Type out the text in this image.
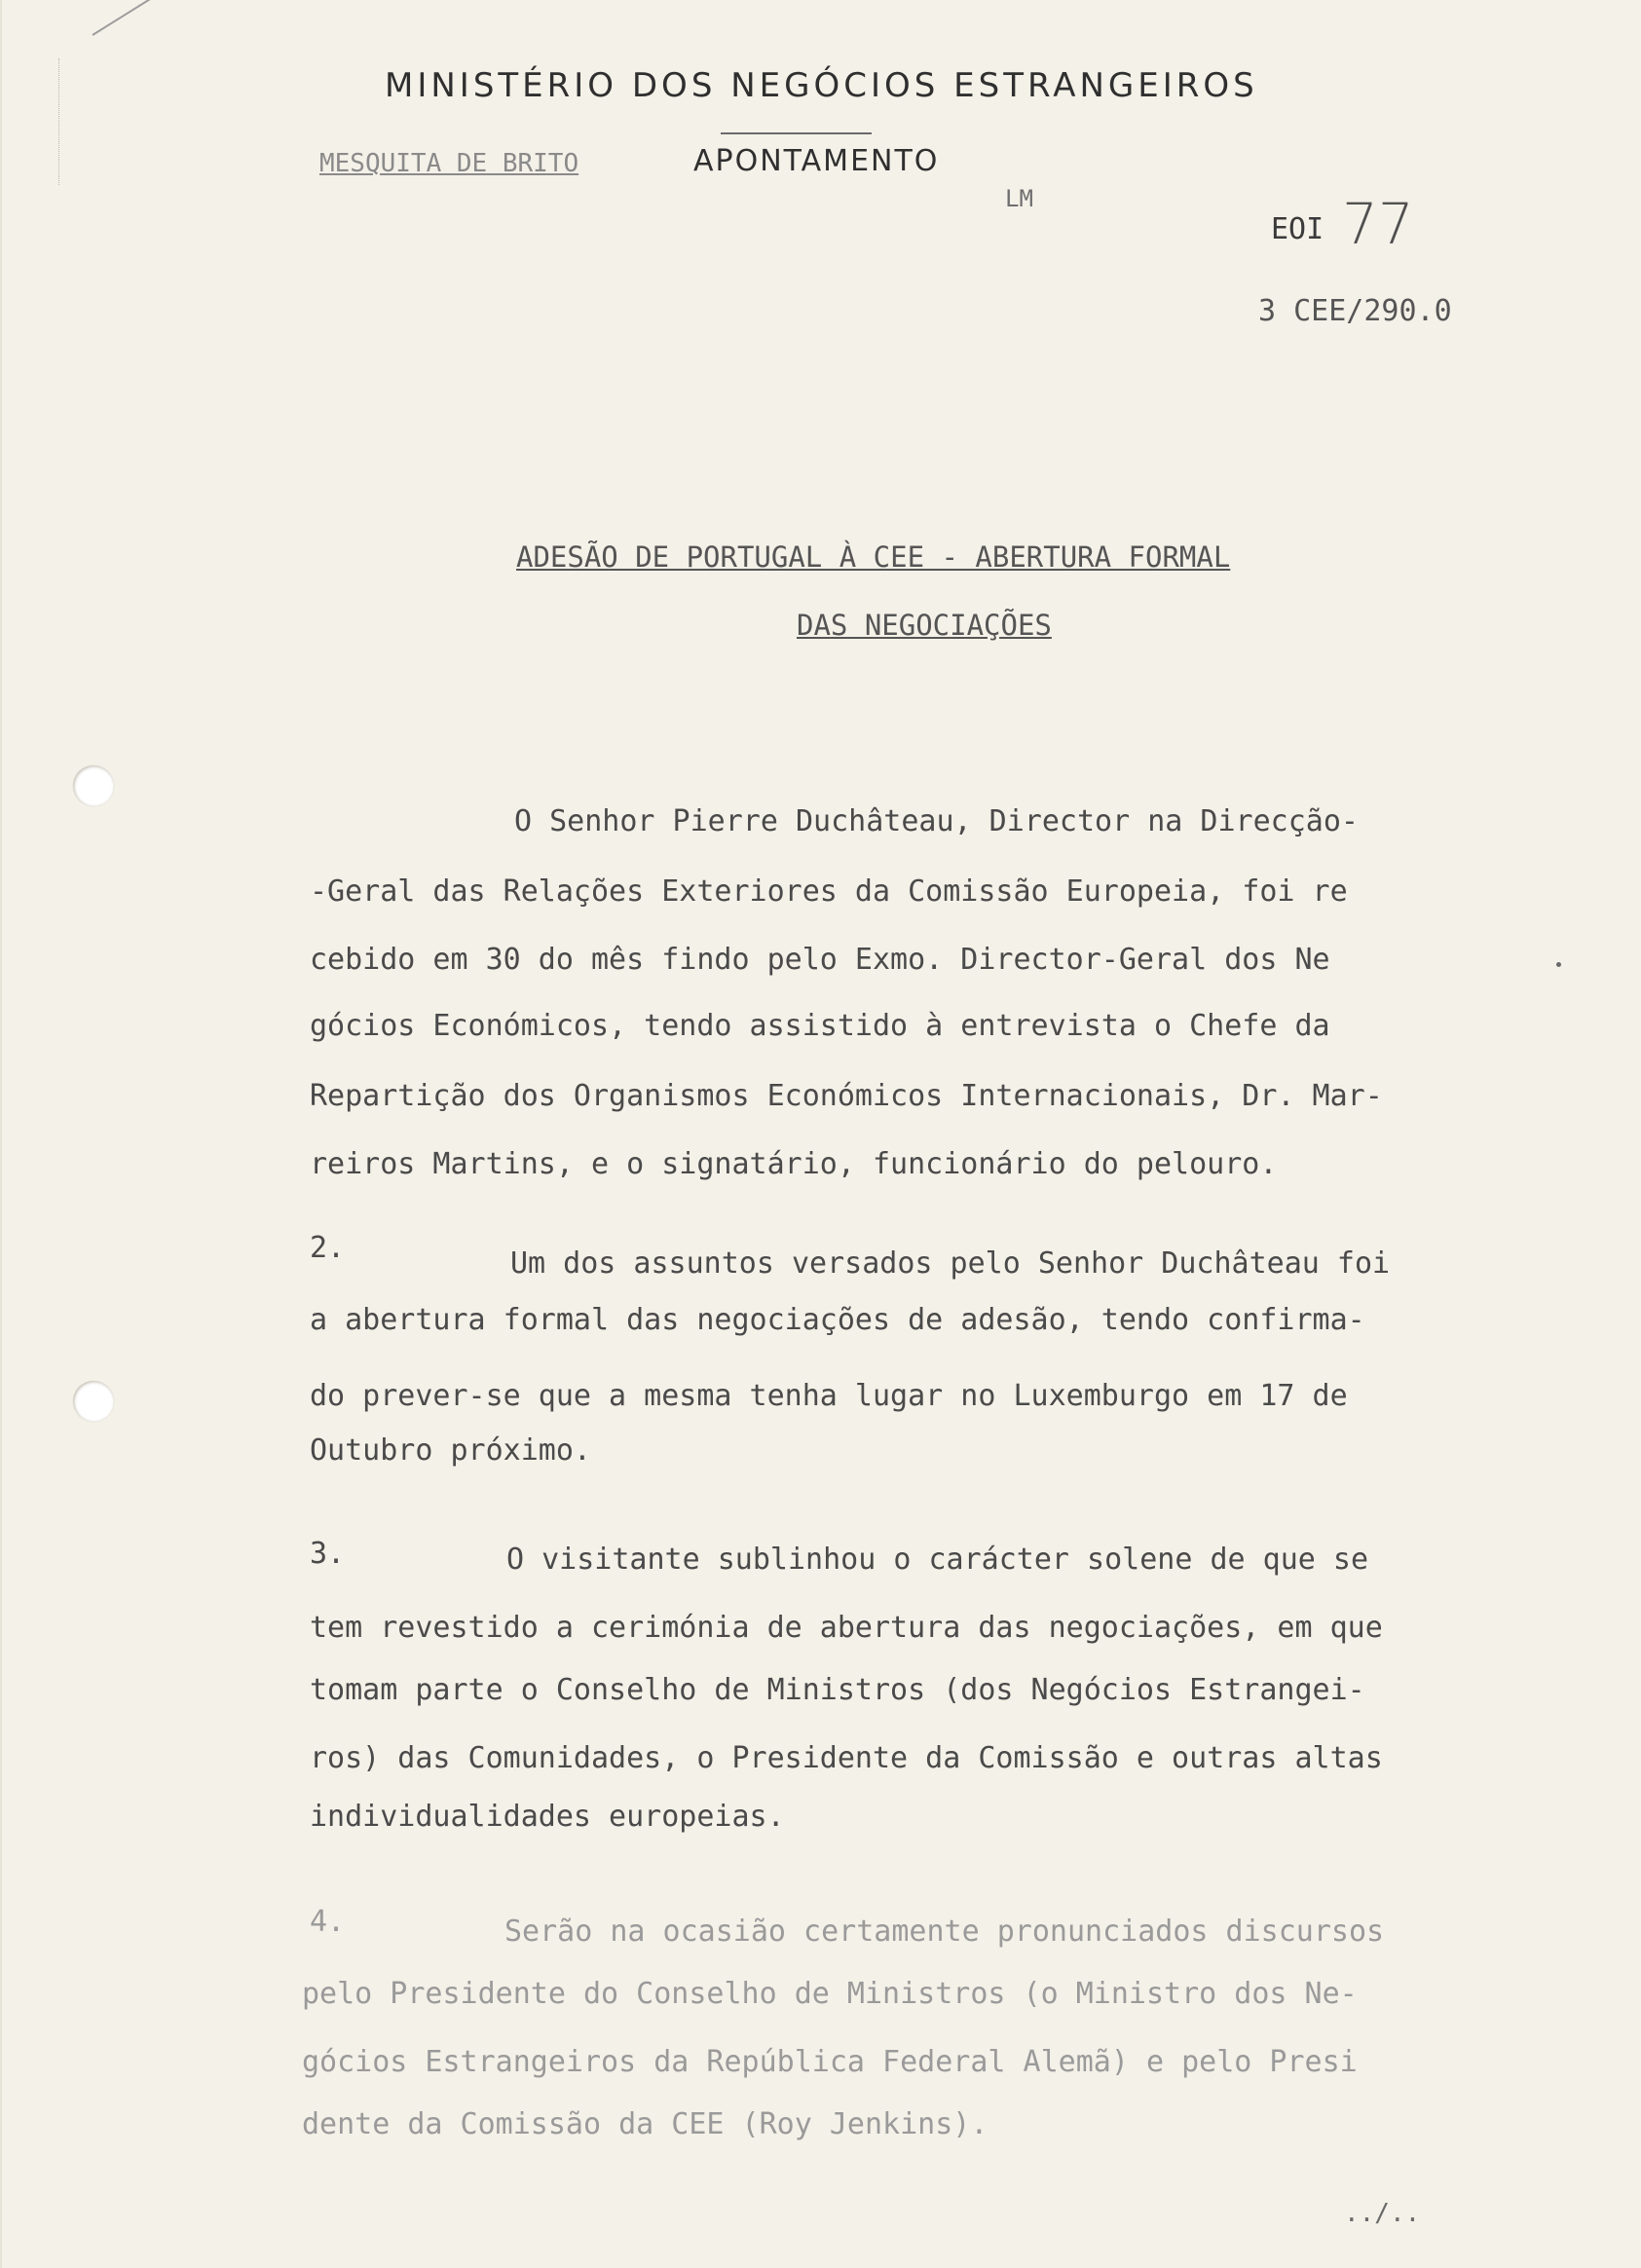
MINISTÉRIO DOS NEGÓCIOS ESTRANGEIROS
MESQUITA DE BRITO	APONTAMENTO
LM
EOI 77
3 CEE/290.0
ADESÃO DE PORTUGAL À CEE - ABERTURA FORMAL
DAS NEGOCIAÇÕES
O Senhor Pierre Duchâteau, Director na Direcção-
-Geral das Relações Exteriores da Comissão Europeia, foi re
cebido em 30 do mês findo pelo Exmo. Director-Geral dos Ne
gócios Económicos, tendo assistido à entrevista o Chefe da
Repartição dos Organismos Económicos Internacionais, Dr. Mar-
reiros Martins, e o signatário, funcionário do pelouro.
2.	Um dos assuntos versados pelo Senhor Duchâteau foi
a abertura formal das negociações de adesão, tendo confirma-
do prever-se que a mesma tenha lugar no Luxemburgo em 17 de
Outubro próximo.
3.	O visitante sublinhou o carácter solene de que se
tem revestido a cerimónia de abertura das negociações, em que
tomam parte o Conselho de Ministros (dos Negócios Estrangei-
ros) das Comunidades, o Presidente da Comissão e outras altas
individualidades europeias.
4.	Serão na ocasião certamente pronunciados discursos
pelo Presidente do Conselho de Ministros (o Ministro dos Ne-
gócios Estrangeiros da República Federal Alemã) e pelo Presi
dente da Comissão da CEE (Roy Jenkins).
../..
